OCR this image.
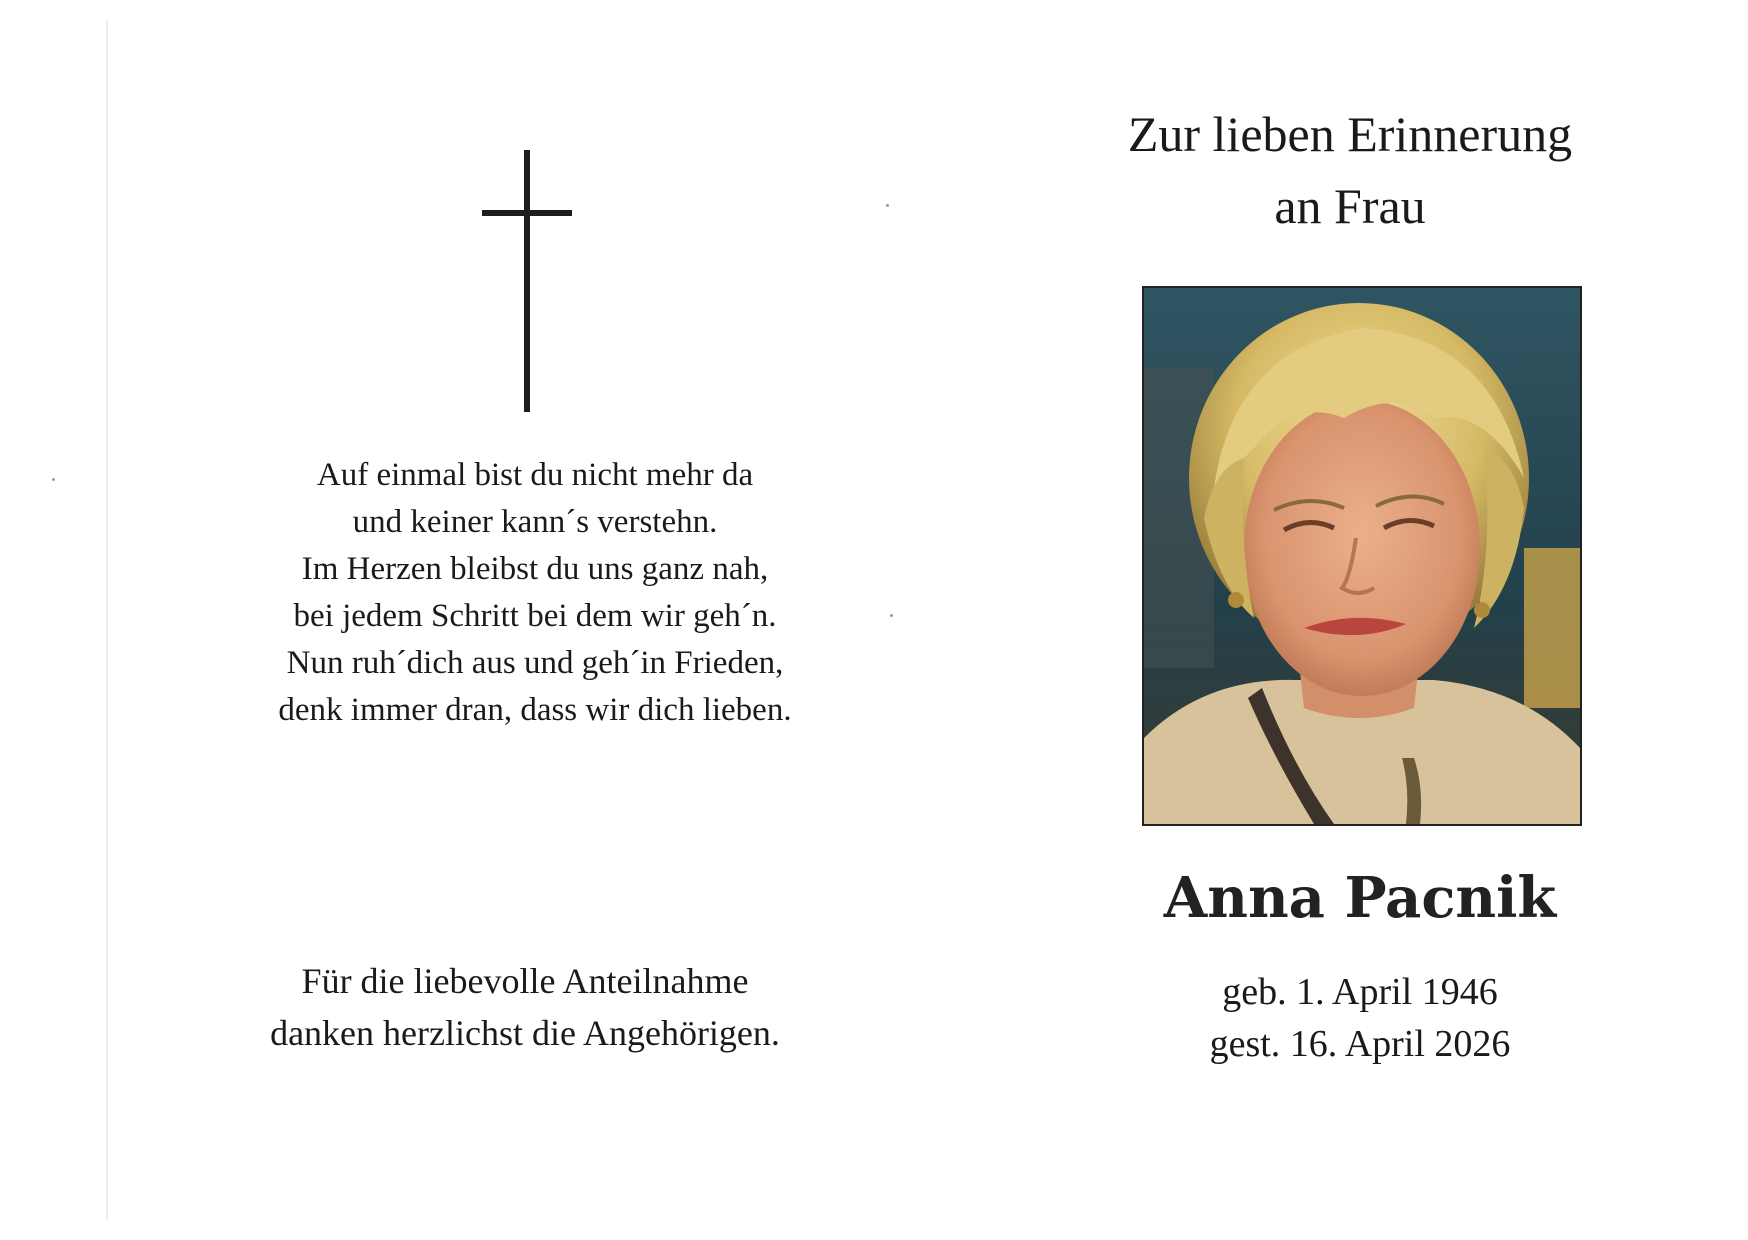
Auf einmal bist du nicht mehr da
und keiner kann´s verstehn.
Im Herzen bleibst du uns ganz nah,
bei jedem Schritt bei dem wir geh´n.
Nun ruh´dich aus und geh´in Frieden,
denk immer dran, dass wir dich lieben.
Für die liebevolle Anteilnahme
danken herzlichst die Angehörigen.
Zur lieben Erinnerung
an Frau
Anna Pacnik
geb. 1. April 1946
gest. 16. April 2026
